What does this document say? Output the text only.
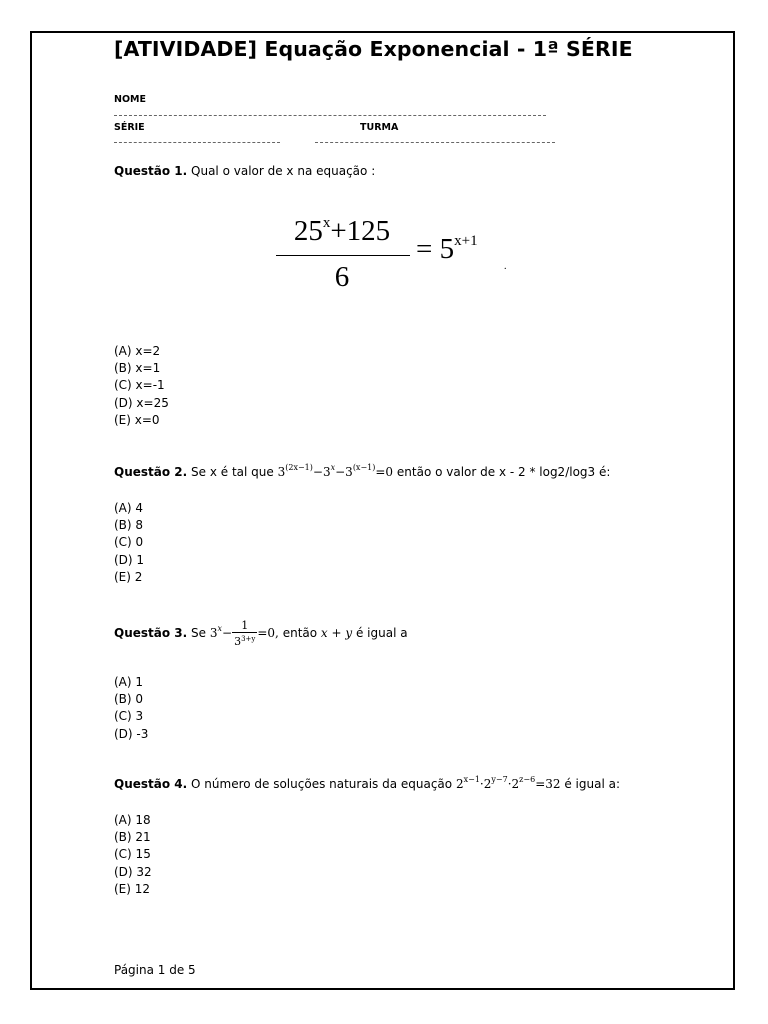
[ATIVIDADE] Equação Exponencial - 1ª SÉRIE
NOME
SÉRIE	TURMA
Questão 1. Qual o valor de x na equação :
$25^x+125$
6
= $5^{x+1}$
.
(A) x=2
(B) x=1
(C) x=-1
(D) x=25
(E) x=0
Questão 2. Se x é tal que $3^{(2x-1)}-3^x-3^{(x-1)}=0$ então o valor de x - 2 * log2/log3 é:
(A) 4
(B) 8
(C) 0
(D) 1
(E) 2
Questão 3. Se $3^x- \frac{1}{3^{3+y}} =0$, então x + y é igual a
(A) 1
(B) 0
(C) 3
(D) -3
Questão 4. O número de soluções naturais da equação $2^{x-1}\cdot 2^{y-7}\cdot 2^{z-6}=32$ é igual a:
(A) 18
(B) 21
(C) 15
(D) 32
(E) 12
Página 1 de 5
